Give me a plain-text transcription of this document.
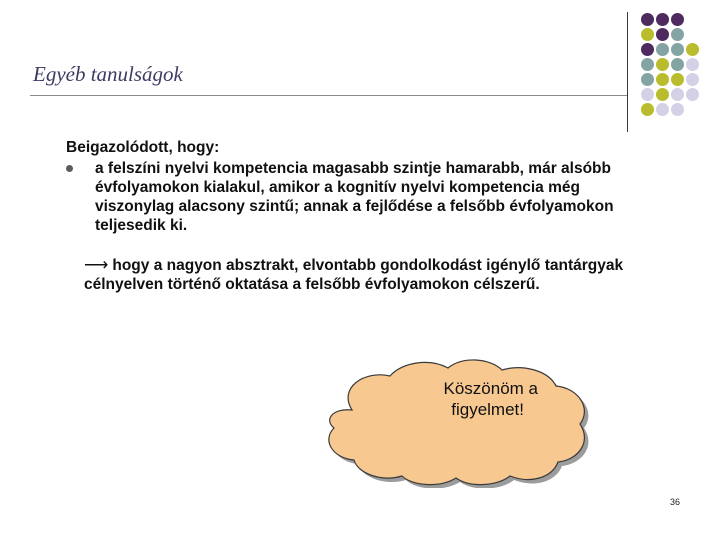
Egyéb tanulságok
Beigazolódott, hogy:
a felszíni nyelvi kompetencia magasabb szintje hamarabb, már alsóbb évfolyamokon kialakul, amikor a kognitív nyelvi kompetencia még viszonylag alacsony szintű; annak a fejlődése a felsőbb évfolyamokon teljesedik ki.
⟶ hogy a nagyon absztrakt, elvontabb gondolkodást igénylő tantárgyak célnyelven történő oktatása a felsőbb évfolyamokon célszerű.
Köszönöm a
figyelmet!
36
